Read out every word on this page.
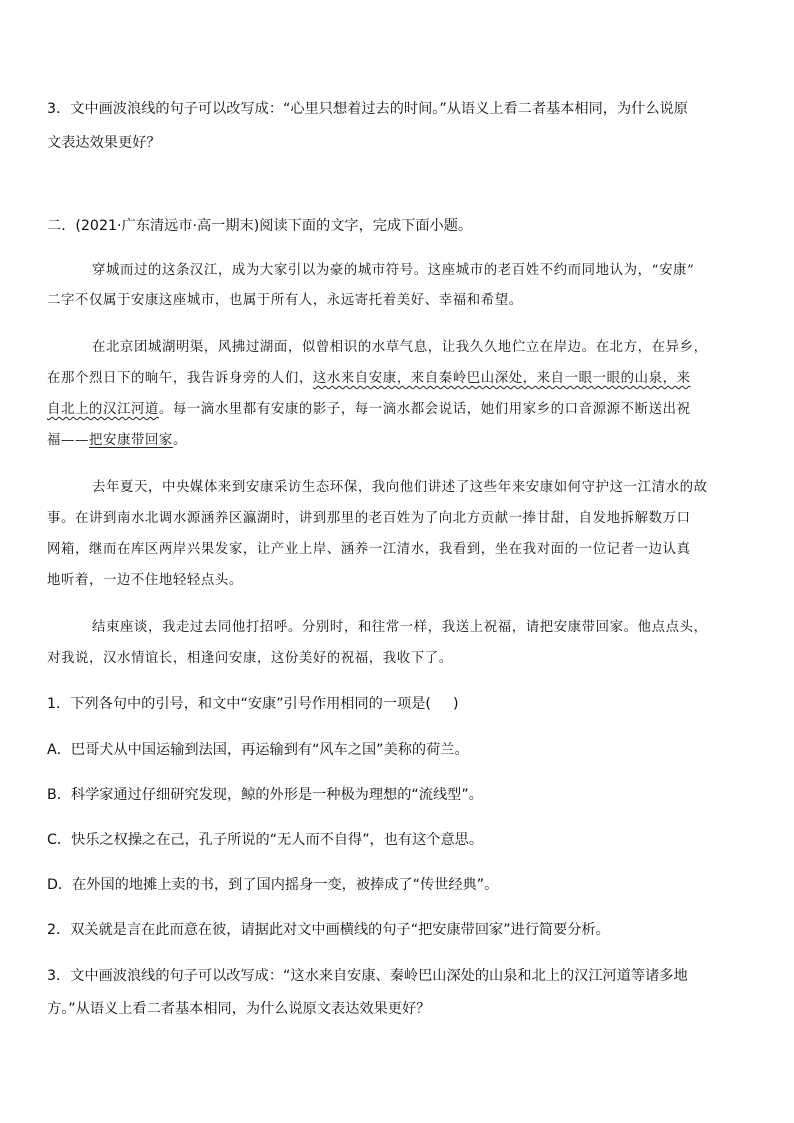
3．文中画波浪线的句子可以改写成：“心里只想着过去的时间。”从语义上看二者基本相同，为什么说原
文表达效果更好？
二．(2021·广东清远市·高一期末)阅读下面的文字，完成下面小题。
穿城而过的这条汉江，成为大家引以为豪的城市符号。这座城市的老百姓不约而同地认为，“安康”
二字不仅属于安康这座城市，也属于所有人，永远寄托着美好、幸福和希望。
在北京团城湖明渠，风拂过湖面，似曾相识的水草气息，让我久久地伫立在岸边。在北方，在异乡，
在那个烈日下的晌午，我告诉身旁的人们，这水来自安康，来自秦岭巴山深处，来自一眼一眼的山泉，来
自北上的汉江河道。每一滴水里都有安康的影子，每一滴水都会说话，她们用家乡的口音源源不断送出祝
福——把安康带回家。
去年夏天，中央媒体来到安康采访生态环保，我向他们讲述了这些年来安康如何守护这一江清水的故
事。在讲到南水北调水源涵养区瀛湖时，讲到那里的老百姓为了向北方贡献一捧甘甜，自发地拆解数万口
网箱，继而在库区两岸兴果发家，让产业上岸、涵养一江清水，我看到，坐在我对面的一位记者一边认真
地听着，一边不住地轻轻点头。
结束座谈，我走过去同他打招呼。分别时，和往常一样，我送上祝福，请把安康带回家。他点点头，
对我说，汉水情谊长，相逢问安康，这份美好的祝福，我收下了。
1．下列各句中的引号，和文中“安康”引号作用相同的一项是( )
A．巴哥犬从中国运输到法国，再运输到有“风车之国”美称的荷兰。
B．科学家通过仔细研究发现，鲸的外形是一种极为理想的“流线型”。
C．快乐之权操之在己，孔子所说的“无人而不自得”，也有这个意思。
D．在外国的地摊上卖的书，到了国内摇身一变，被捧成了“传世经典”。
2．双关就是言在此而意在彼，请据此对文中画横线的句子“把安康带回家”进行简要分析。
3．文中画波浪线的句子可以改写成：“这水来自安康、秦岭巴山深处的山泉和北上的汉江河道等诸多地
方。”从语义上看二者基本相同，为什么说原文表达效果更好？
